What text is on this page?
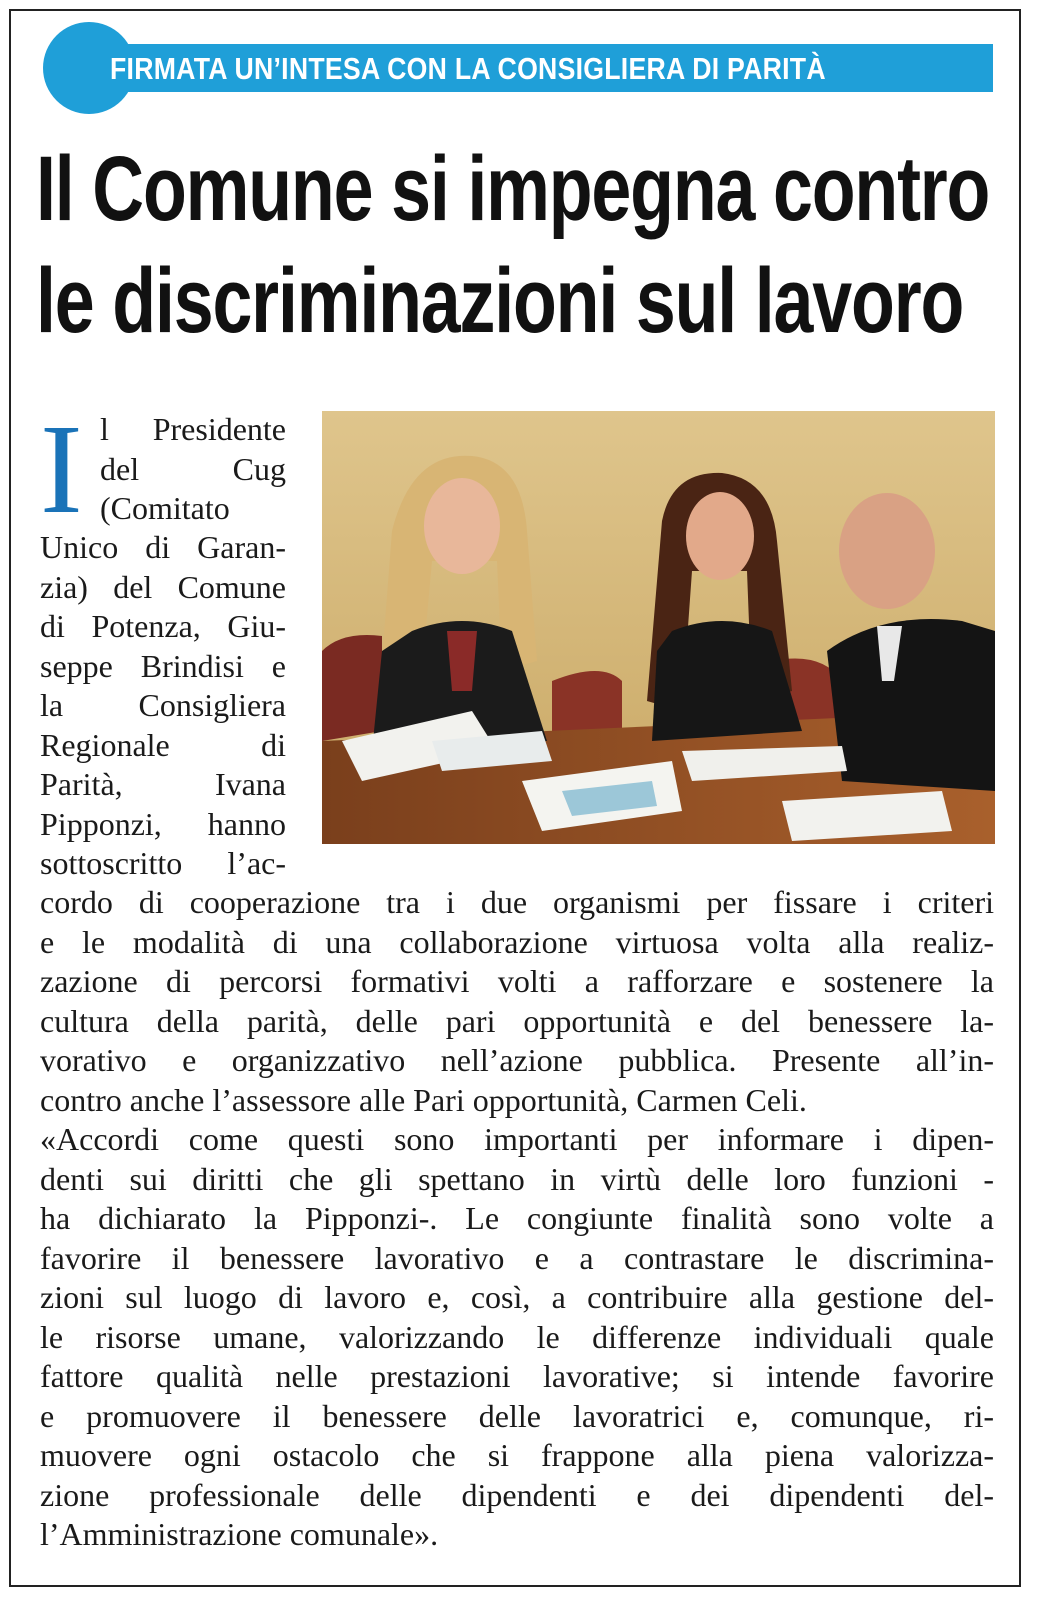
FIRMATA UN’INTESA CON LA CONSIGLIERA DI PARITÀ
Il Comune si impegna contro
le discriminazioni sul lavoro
I l Presidente
del Cug
(Comitato
Unico di Garan-
zia) del Comune
di Potenza, Giu-
seppe Brindisi e
la Consigliera
Regionale di
Parità, Ivana
Pipponzi, hanno
sottoscritto l’ac-
cordo di cooperazione tra i due organismi per fissare i criteri
e le modalità di una collaborazione virtuosa volta alla realiz-
zazione di percorsi formativi volti a rafforzare e sostenere la
cultura della parità, delle pari opportunità e del benessere la-
vorativo e organizzativo nell’azione pubblica. Presente all’in-
contro anche l’assessore alle Pari opportunità, Carmen Celi.
«Accordi come questi sono importanti per informare i dipen-
denti sui diritti che gli spettano in virtù delle loro funzioni -
ha dichiarato la Pipponzi-. Le congiunte finalità sono volte a
favorire il benessere lavorativo e a contrastare le discrimina-
zioni sul luogo di lavoro e, così, a contribuire alla gestione del-
le risorse umane, valorizzando le differenze individuali quale
fattore qualità nelle prestazioni lavorative; si intende favorire
e promuovere il benessere delle lavoratrici e, comunque, ri-
muovere ogni ostacolo che si frappone alla piena valorizza-
zione professionale delle dipendenti e dei dipendenti del-
l’Amministrazione comunale».
